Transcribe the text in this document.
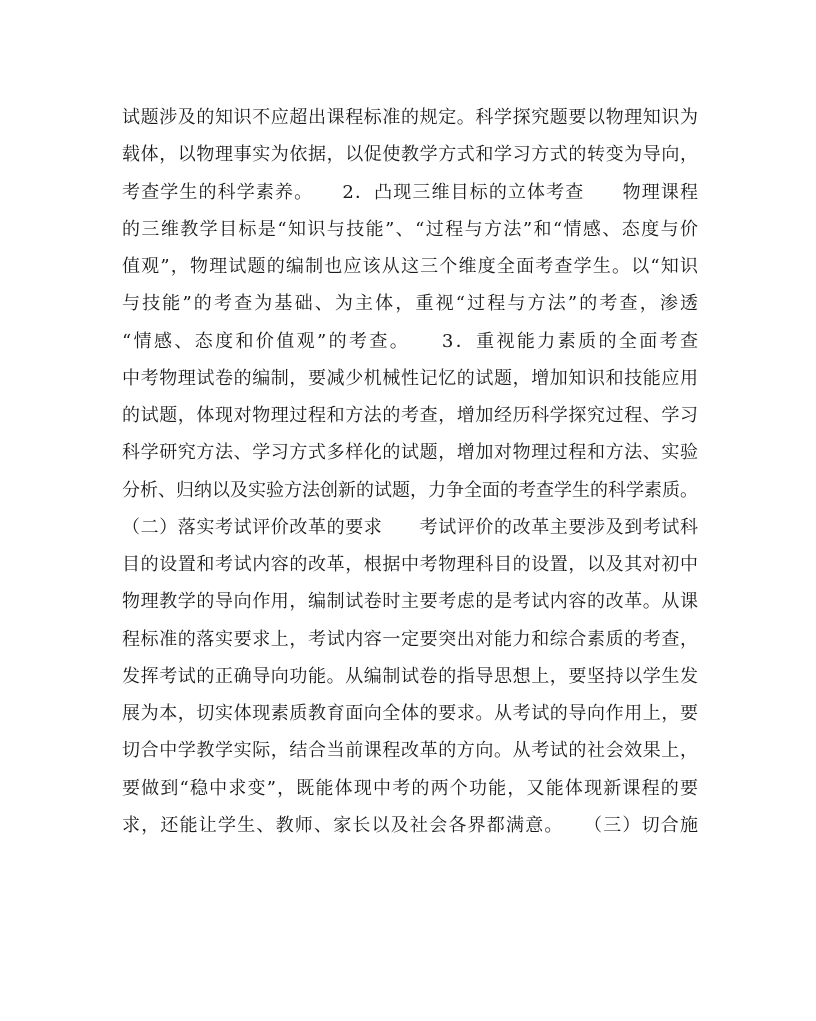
试题涉及的知识不应超出课程标准的规定。科学探究题要以物理知识为
载体，以物理事实为依据，以促使教学方式和学习方式的转变为导向，
考查学生的科学素养。　　2．凸现三维目标的立体考查　　物理课程
的三维教学目标是“知识与技能”、“过程与方法”和“情感、态度与价
值观”，物理试题的编制也应该从这三个维度全面考查学生。以“知识
与技能”的考查为基础、为主体，重视“过程与方法”的考查，渗透
“情感、态度和价值观”的考查。　　3．重视能力素质的全面考查
中考物理试卷的编制，要减少机械性记忆的试题，增加知识和技能应用
的试题，体现对物理过程和方法的考查，增加经历科学探究过程、学习
科学研究方法、学习方式多样化的试题，增加对物理过程和方法、实验
分析、归纳以及实验方法创新的试题，力争全面的考查学生的科学素质。
（二）落实考试评价改革的要求　　考试评价的改革主要涉及到考试科
目的设置和考试内容的改革，根据中考物理科目的设置，以及其对初中
物理教学的导向作用，编制试卷时主要考虑的是考试内容的改革。从课
程标准的落实要求上，考试内容一定要突出对能力和综合素质的考查，
发挥考试的正确导向功能。从编制试卷的指导思想上，要坚持以学生发
展为本，切实体现素质教育面向全体的要求。从考试的导向作用上，要
切合中学教学实际，结合当前课程改革的方向。从考试的社会效果上，
要做到“稳中求变”，既能体现中考的两个功能，又能体现新课程的要
求，还能让学生、教师、家长以及社会各界都满意。　　（三）切合施
